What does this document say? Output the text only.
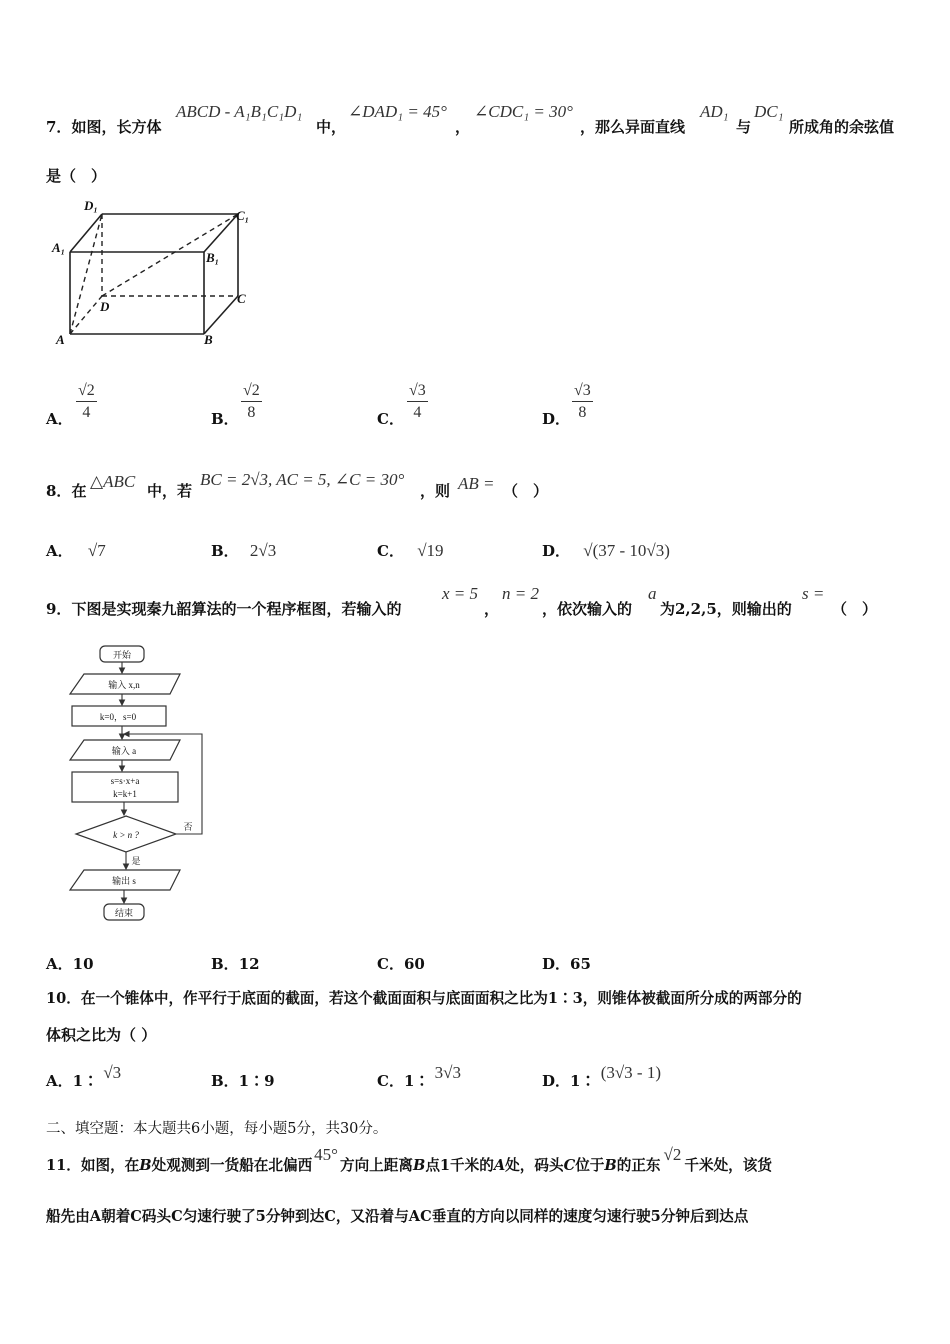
7．如图，长方体
ABCD - A₁B₁C₁D₁
中，
∠DAD₁ = 45°
，
∠CDC₁ = 30°
，那么异面直线
AD₁
与
DC₁
所成角的余弦值
是（　）
D₁
C₁
A₁
B₁
D
C
A	B
A． $\frac{√2}{4}$	B． $\frac{√2}{8}$	C． $\frac{√3}{4}$	D． $\frac{√3}{8}$
8．在 △ABC 中，若
BC = 2√3, AC = 5, ∠C = 30°
，则 AB = （　）
A． √7	B． 2√3	C． √19	D． √(37 - 10√3)
9．下图是实现秦九韶算法的一个程序框图，若输入的
x = 5
，
n = 2
，依次输入的
a
为2,2,5，则输出的
s =
（　）
开始
输入 x,n
k=0，s=0
输入 a
s=s·x+a
k=k+1
k > n ?
否
是
输出 s
结束
A．10	B．12	C．60	D．65
10．在一个锥体中，作平行于底面的截面，若这个截面面积与底面面积之比为1∶3，则锥体被截面所分成的两部分的
体积之比为（ ）
A．1∶ √3	B．1∶9	C．1∶ 3√3	D．1∶ (3√3 - 1)
二、填空题：本大题共6小题，每小题5分，共30分。
11．如图，在B处观测到一货船在北偏西45°方向上距离B点1千米的A处，码头C位于B的正东√2千米处，该货
船先由A朝着C码头C匀速行驶了5分钟到达C，又沿着与AC垂直的方向以同样的速度匀速行驶5分钟后到达点
